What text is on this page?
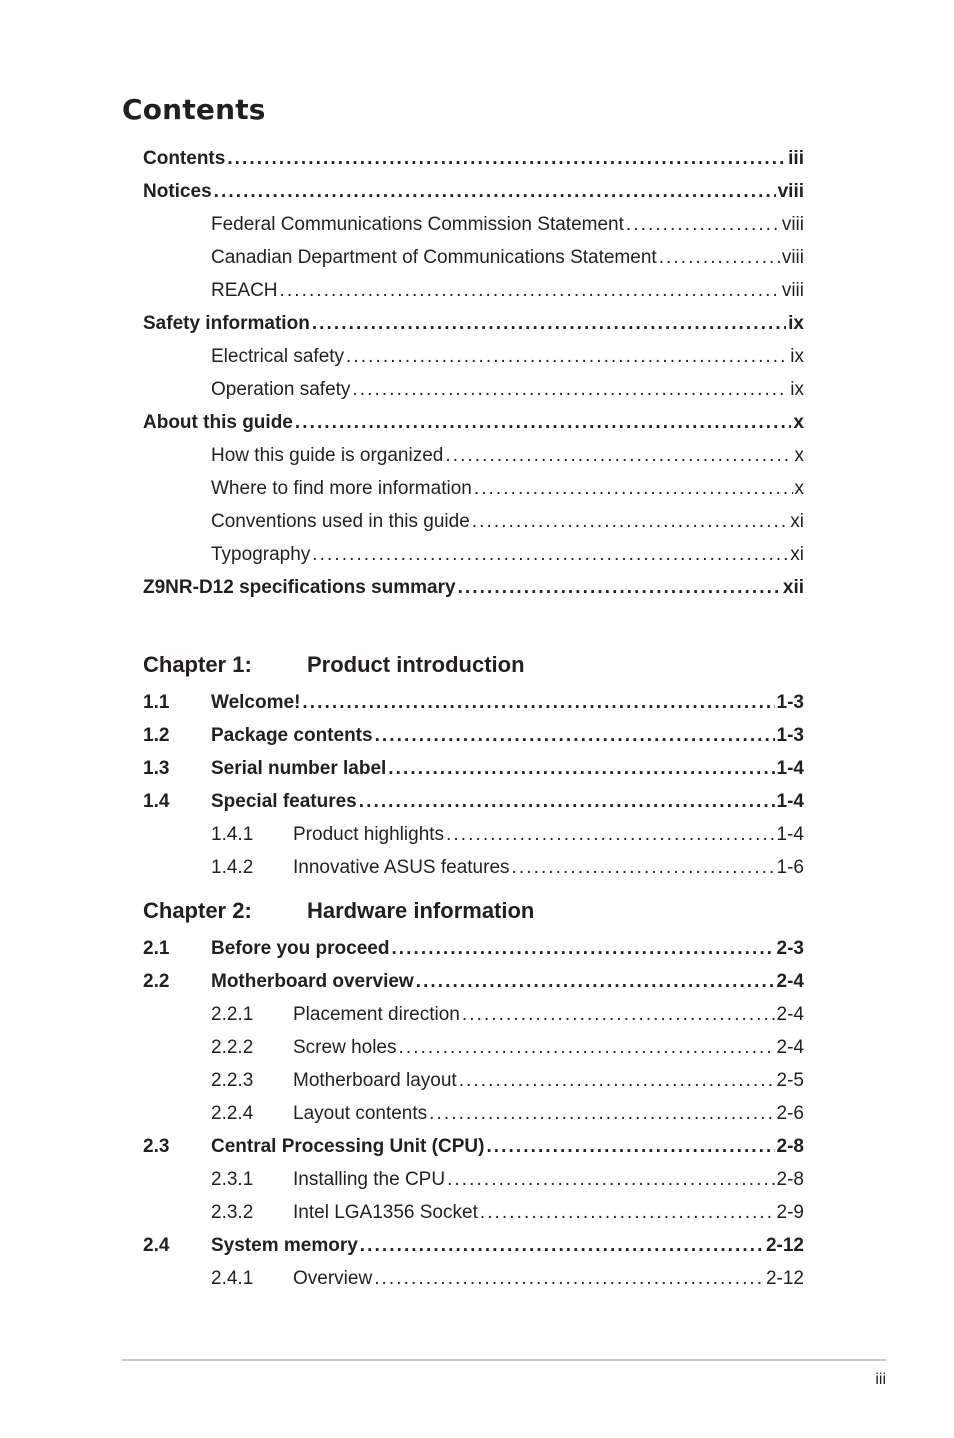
Contents
Contents . . .	iii
Notices . . .	viii
Federal Communications Commission Statement . . .	viii
Canadian Department of Communications Statement . . .	viii
REACH . . .	viii
Safety information . . .	ix
Electrical safety . . .	ix
Operation safety . . .	ix
About this guide . . .	x
How this guide is organized . . .	x
Where to find more information . . .	x
Conventions used in this guide . . .	xi
Typography . . .	xi
Z9NR-D12 specifications summary . . .	xii
Chapter 1:	Product introduction
1.1	Welcome! . . .	1-3
1.2	Package contents . . .	1-3
1.3	Serial number label . . .	1-4
1.4	Special features . . .	1-4
1.4.1	Product highlights . . .	1-4
1.4.2	Innovative ASUS features . . .	1-6
Chapter 2:	Hardware information
2.1	Before you proceed . . .	2-3
2.2	Motherboard overview . . .	2-4
2.2.1	Placement direction . . .	2-4
2.2.2	Screw holes . . .	2-4
2.2.3	Motherboard layout . . .	2-5
2.2.4	Layout contents . . .	2-6
2.3	Central Processing Unit (CPU) . . .	2-8
2.3.1	Installing the CPU . . .	2-8
2.3.2	Intel LGA1356 Socket . . .	2-9
2.4	System memory . . .	2-12
2.4.1	Overview . . .	2-12
iii
